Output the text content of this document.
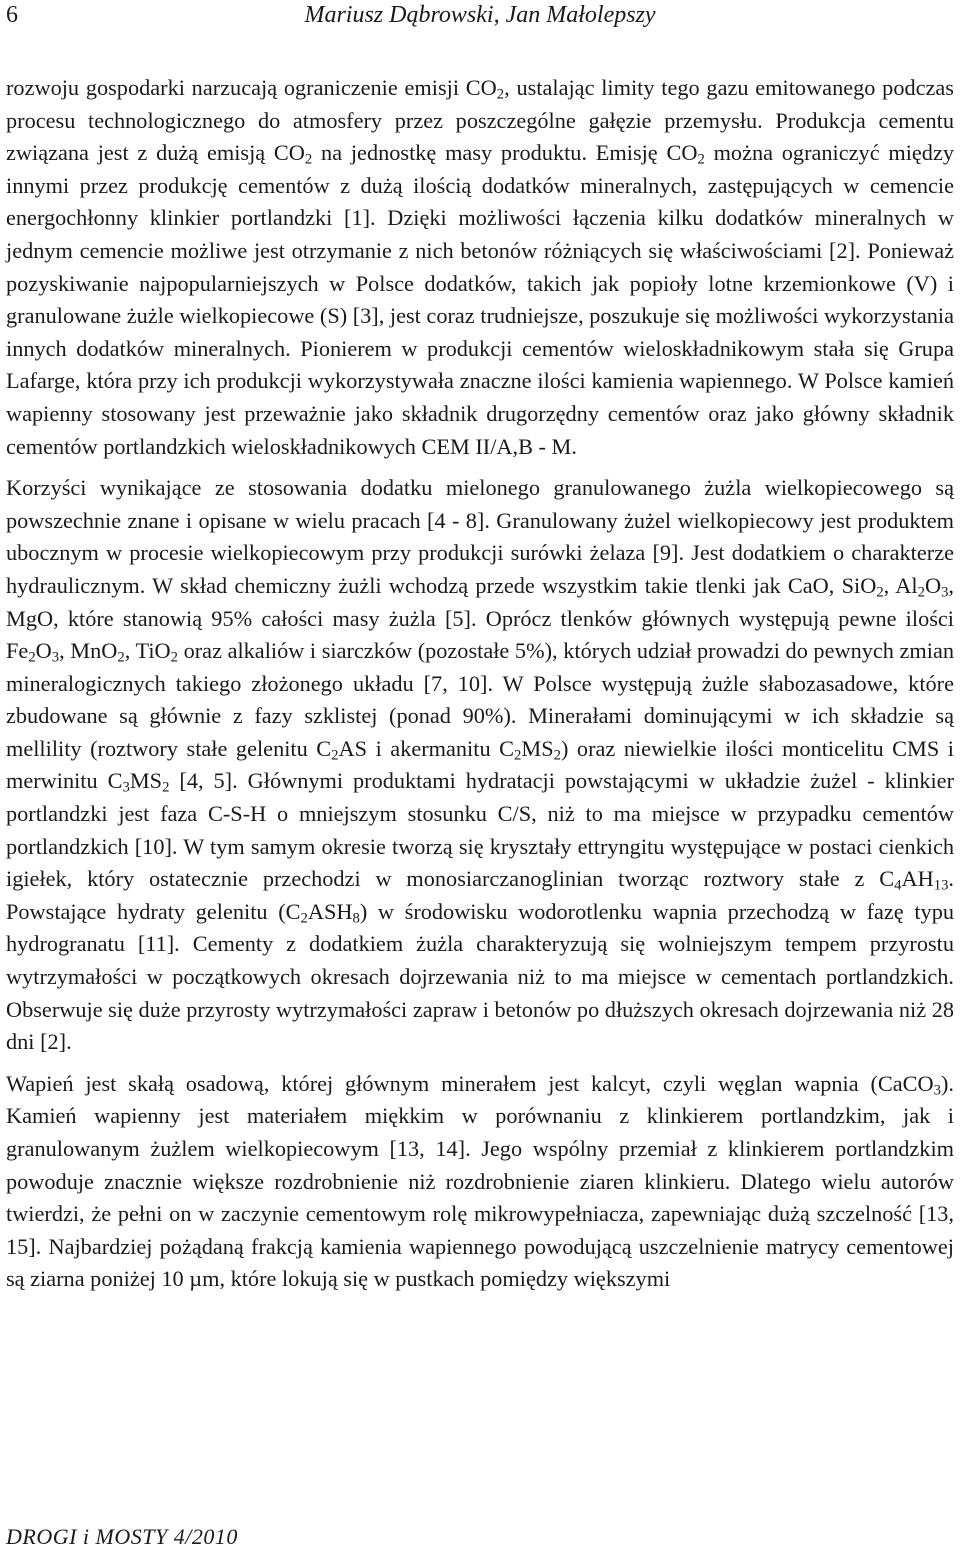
6	Mariusz Dąbrowski, Jan Małolepszy

rozwoju gospodarki narzucają ograniczenie emisji $CO_2$, ustalając limity tego gazu emitowanego podczas procesu technologicznego do atmosfery przez poszczególne gałęzie przemysłu. Produkcja cementu związana jest z dużą emisją $CO_2$ na jednostkę masy produktu. Emisję $CO_2$ można ograniczyć między innymi przez produkcję cementów z dużą ilością dodatków mineralnych, zastępujących w cemencie energochłonny klinkier portlandzki [1]. Dzięki możliwości łączenia kilku dodatków mineralnych w jednym cemencie możliwe jest otrzymanie z nich betonów różniących się właściwościami [2]. Ponieważ pozyskiwanie najpopularniejszych w Polsce dodatków, takich jak popioły lotne krzemionkowe (V) i granulowane żużle wielkopiecowe (S) [3], jest coraz trudniejsze, poszukuje się możliwości wykorzystania innych dodatków mineralnych. Pionierem w produkcji cementów wieloskładnikowym stała się Grupa Lafarge, która przy ich produkcji wykorzystywała znaczne ilości kamienia wapiennego. W Polsce kamień wapienny stosowany jest przeważnie jako składnik drugorzędny cementów oraz jako główny składnik cementów portlandzkich wieloskładnikowych CEM II/A,B - M.

Korzyści wynikające ze stosowania dodatku mielonego granulowanego żużla wielkopiecowego są powszechnie znane i opisane w wielu pracach [4 - 8]. Granulowany żużel wielkopiecowy jest produktem ubocznym w procesie wielkopiecowym przy produkcji surówki żelaza [9]. Jest dodatkiem o charakterze hydraulicznym. W skład chemiczny żużli wchodzą przede wszystkim takie tlenki jak CaO, SiO$_2$, $Al_2O_3$, MgO, które stanowią 95% całości masy żużla [5]. Oprócz tlenków głównych występują pewne ilości $Fe_2O_3$, MnO$_2$, TiO$_2$ oraz alkaliów i siarczków (pozostałe 5%), których udział prowadzi do pewnych zmian mineralogicznych takiego złożonego układu [7, 10]. W Polsce występują żużle słabozasadowe, które zbudowane są głównie z fazy szklistej (ponad 90%). Minerałami dominującymi w ich składzie są mellility (roztwory stałe gelenitu $C_2AS$ i akermanitu $C_2MS_2$) oraz niewielkie ilości monticelitu CMS i merwinitu $C_3MS_2$ [4, 5]. Głównymi produktami hydratacji powstającymi w układzie żużel - klinkier portlandzki jest faza C-S-H o mniejszym stosunku C/S, niż to ma miejsce w przypadku cementów portlandzkich [10]. W tym samym okresie tworzą się kryształy ettryngitu występujące w postaci cienkich igiełek, który ostatecznie przechodzi w monosiarczanoglinian tworząc roztwory stałe z $C_4AH_{13}$. Powstające hydraty gelenitu $(C_2ASH_8)$ w środowisku wodorotlenku wapnia przechodzą w fazę typu hydrogranatu [11]. Cementy z dodatkiem żużla charakteryzują się wolniejszym tempem przyrostu wytrzymałości w początkowych okresach dojrzewania niż to ma miejsce w cementach portlandzkich. Obserwuje się duże przyrosty wytrzymałości zapraw i betonów po dłuższych okresach dojrzewania niż 28 dni [2].

Wapień jest skałą osadową, której głównym minerałem jest kalcyt, czyli węglan wapnia (CaCO$_3$). Kamień wapienny jest materiałem miękkim w porównaniu z klinkierem portlandzkim, jak i granulowanym żużlem wielkopiecowym [13, 14]. Jego wspólny przemiał z klinkierem portlandzkim powoduje znacznie większe rozdrobnienie niż rozdrobnienie ziaren klinkieru. Dlatego wielu autorów twierdzi, że pełni on w zaczynie cementowym rolę mikrowypełniacza, zapewniając dużą szczelność [13, 15]. Najbardziej pożądaną frakcją kamienia wapiennego powodującą uszczelnienie matrycy cementowej są ziarna poniżej 10 µm, które lokują się w pustkach pomiędzy większymi

DROGI i MOSTY 4/2010
